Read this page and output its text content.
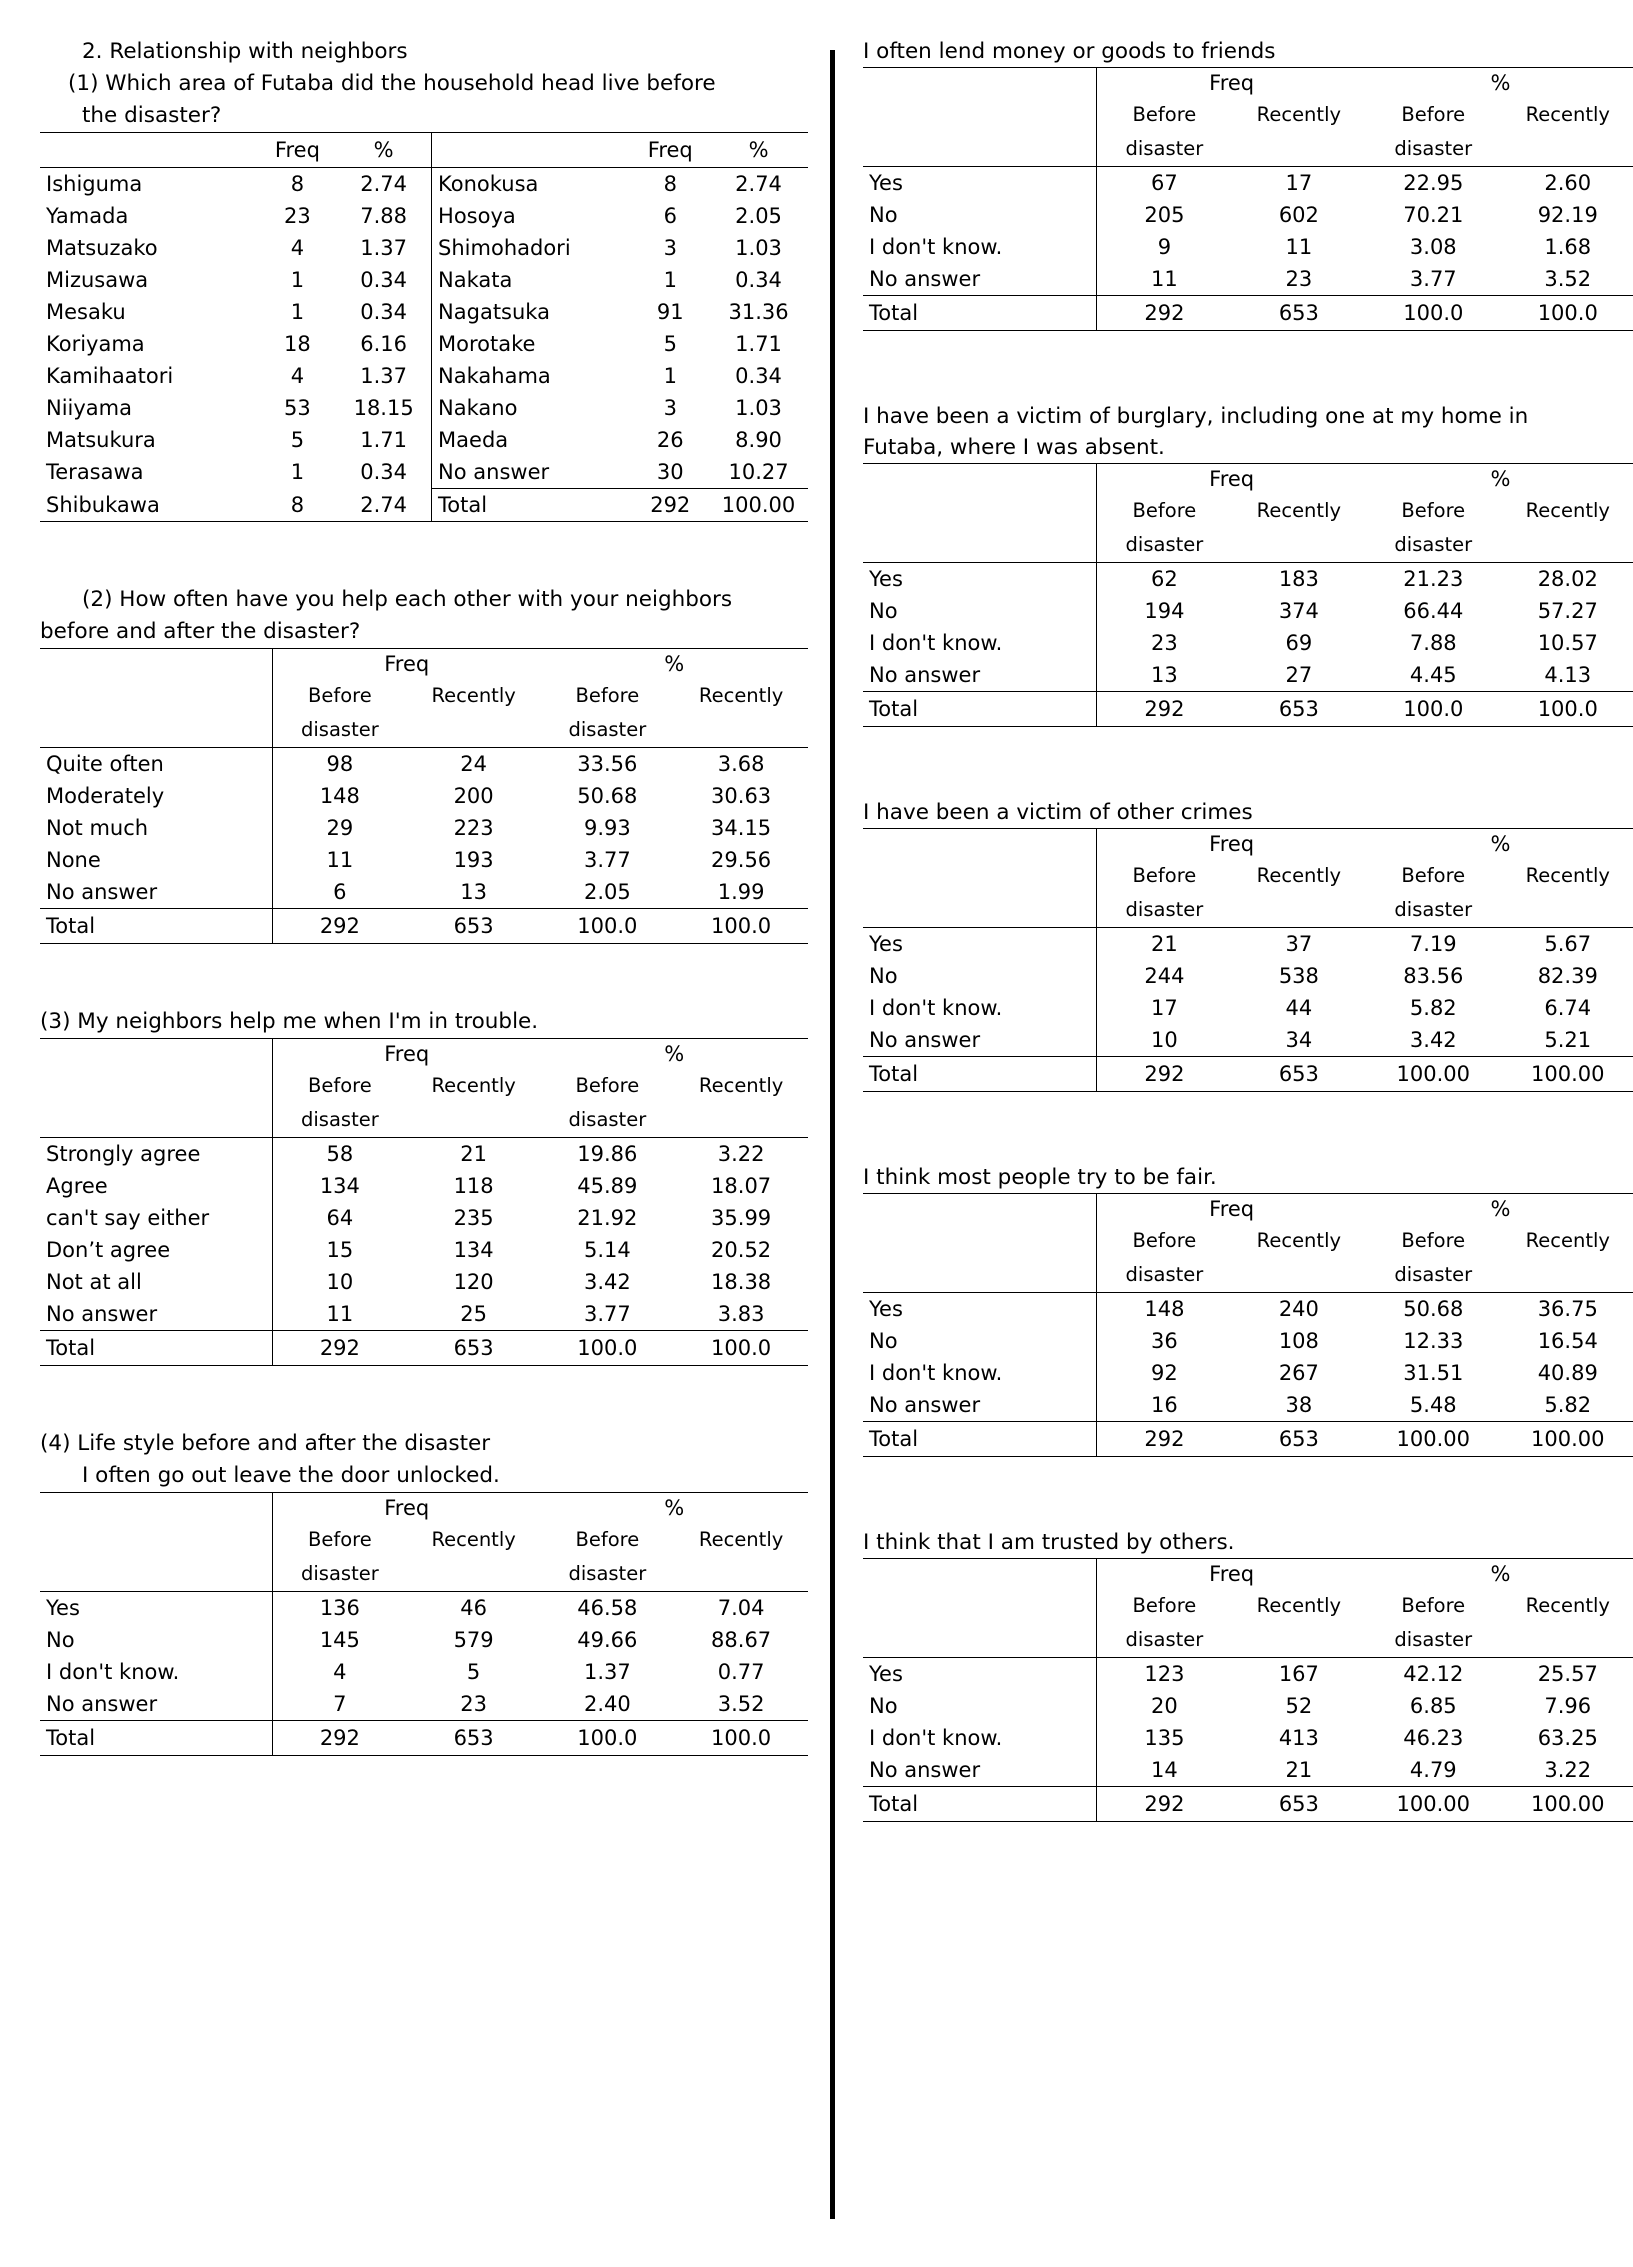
2. Relationship with neighbors
(1) Which area of Futaba did the household head live before
the disaster?
	Freq	%		Freq	%
Ishiguma	8	2.74	Konokusa	8	2.74
Yamada	23	7.88	Hosoya	6	2.05
Matsuzako	4	1.37	Shimohadori	3	1.03
Mizusawa	1	0.34	Nakata	1	0.34
Mesaku	1	0.34	Nagatsuka	91	31.36
Koriyama	18	6.16	Morotake	5	1.71
Kamihaatori	4	1.37	Nakahama	1	0.34
Niiyama	53	18.15	Nakano	3	1.03
Matsukura	5	1.71	Maeda	26	8.90
Terasawa	1	0.34	No answer	30	10.27
Shibukawa	8	2.74	Total	292	100.00
(2) How often have you help each other with your neighbors
before and after the disaster?
	Freq		%	
	Before	Recently	Before	Recently
	disaster		disaster	
Quite often	98	24	33.56	3.68
Moderately	148	200	50.68	30.63
Not much	29	223	9.93	34.15
None	11	193	3.77	29.56
No answer	6	13	2.05	1.99
Total	292	653	100.0	100.0
(3) My neighbors help me when I'm in trouble.
	Freq		%	
	Before	Recently	Before	Recently
	disaster		disaster	
Strongly agree	58	21	19.86	3.22
Agree	134	118	45.89	18.07
can't say either	64	235	21.92	35.99
Don’t agree	15	134	5.14	20.52
Not at all	10	120	3.42	18.38
No answer	11	25	3.77	3.83
Total	292	653	100.0	100.0
(4) Life style before and after the disaster
I often go out leave the door unlocked.
	Freq		%	
	Before	Recently	Before	Recently
	disaster		disaster	
Yes	136	46	46.58	7.04
No	145	579	49.66	88.67
I don't know.	4	5	1.37	0.77
No answer	7	23	2.40	3.52
Total	292	653	100.0	100.0
I often lend money or goods to friends
	Freq		%	
	Before	Recently	Before	Recently
	disaster		disaster	
Yes	67	17	22.95	2.60
No	205	602	70.21	92.19
I don't know.	9	11	3.08	1.68
No answer	11	23	3.77	3.52
Total	292	653	100.0	100.0
I have been a victim of burglary, including one at my home in
Futaba, where I was absent.
	Freq		%	
	Before	Recently	Before	Recently
	disaster		disaster	
Yes	62	183	21.23	28.02
No	194	374	66.44	57.27
I don't know.	23	69	7.88	10.57
No answer	13	27	4.45	4.13
Total	292	653	100.0	100.0
I have been a victim of other crimes
	Freq		%	
	Before	Recently	Before	Recently
	disaster		disaster	
Yes	21	37	7.19	5.67
No	244	538	83.56	82.39
I don't know.	17	44	5.82	6.74
No answer	10	34	3.42	5.21
Total	292	653	100.00	100.00
I think most people try to be fair.
	Freq		%	
	Before	Recently	Before	Recently
	disaster		disaster	
Yes	148	240	50.68	36.75
No	36	108	12.33	16.54
I don't know.	92	267	31.51	40.89
No answer	16	38	5.48	5.82
Total	292	653	100.00	100.00
I think that I am trusted by others.
	Freq		%	
	Before	Recently	Before	Recently
	disaster		disaster	
Yes	123	167	42.12	25.57
No	20	52	6.85	7.96
I don't know.	135	413	46.23	63.25
No answer	14	21	4.79	3.22
Total	292	653	100.00	100.00
